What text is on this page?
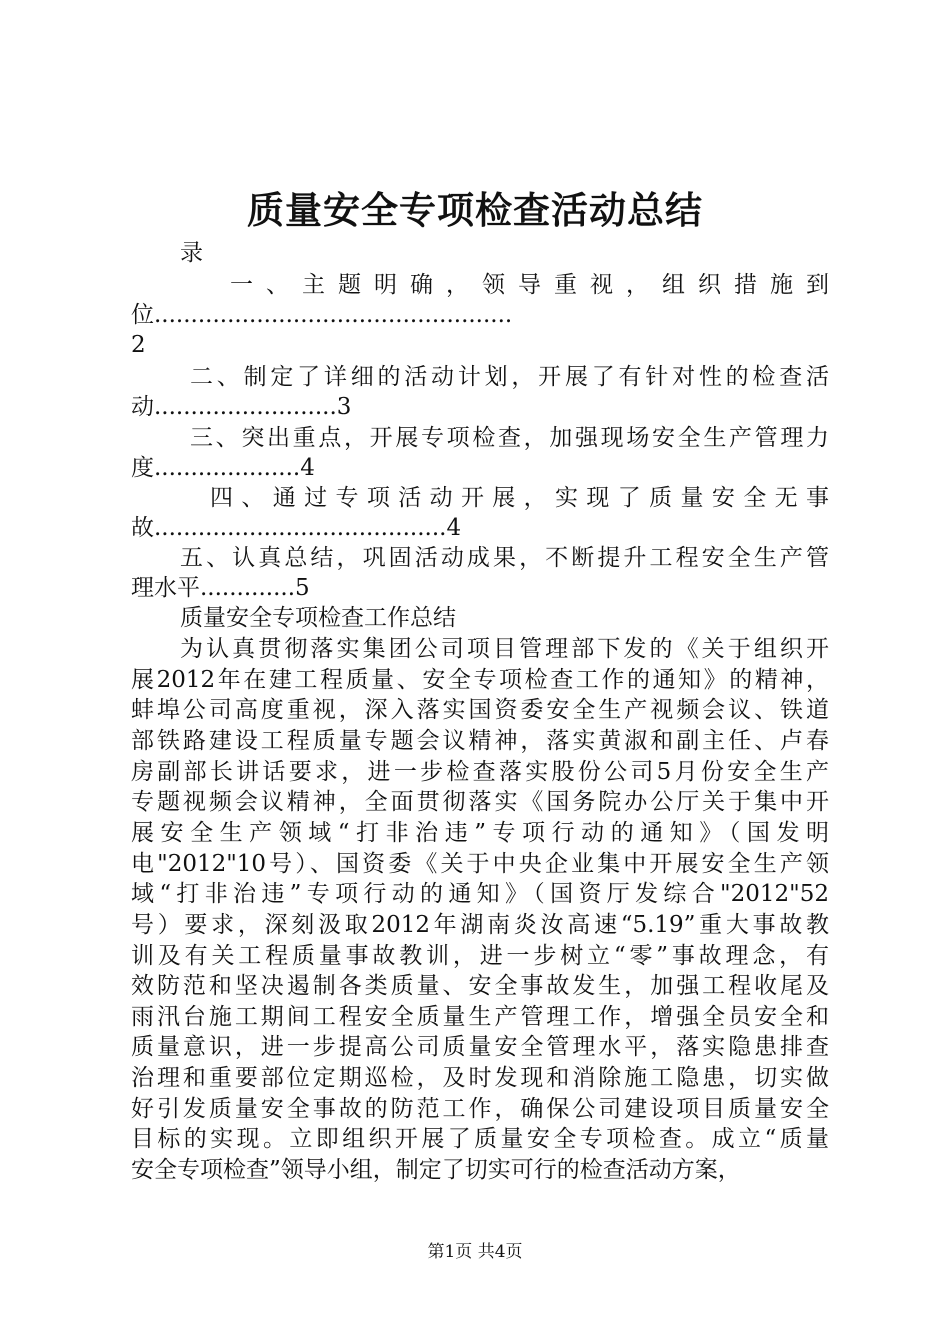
质量安全专项检查活动总结
录
一 、 主 题 明 确 ， 领 导 重 视 ， 组 织 措 施 到
位.................................................
2
二、制定了详细的活动计划，开展了有针对性的检查活
动.........................3
三、突出重点，开展专项检查，加强现场安全生产管理力
度....................4
四 、 通 过 专 项 活 动 开 展 ， 实 现 了 质 量 安 全 无 事
故........................................4
五、认真总结，巩固活动成果，不断提升工程安全生产管
理水平.............5
质量安全专项检查工作总结
为认真贯彻落实集团公司项目管理部下发的《关于组织开
展2012年在建工程质量、安全专项检查工作的通知》的精神，
蚌埠公司高度重视，深入落实国资委安全生产视频会议、铁道
部铁路建设工程质量专题会议精神，落实黄淑和副主任、卢春
房副部长讲话要求，进一步检查落实股份公司5月份安全生产
专题视频会议精神，全面贯彻落实《国务院办公厅关于集中开
展安全生产领域“打非治违”专项行动的通知》（国发明
电"2012"10号）、国资委《关于中央企业集中开展安全生产领
域“打非治违”专项行动的通知》（国资厅发综合"2012"52
号）要求，深刻汲取2012年湖南炎汝高速“5.19”重大事故教
训及有关工程质量事故教训，进一步树立“零”事故理念，有
效防范和坚决遏制各类质量、安全事故发生，加强工程收尾及
雨汛台施工期间工程安全质量生产管理工作，增强全员安全和
质量意识，进一步提高公司质量安全管理水平，落实隐患排查
治理和重要部位定期巡检，及时发现和消除施工隐患，切实做
好引发质量安全事故的防范工作，确保公司建设项目质量安全
目标的实现。立即组织开展了质量安全专项检查。成立“质量
安全专项检查”领导小组，制定了切实可行的检查活动方案，
第1页 共4页
